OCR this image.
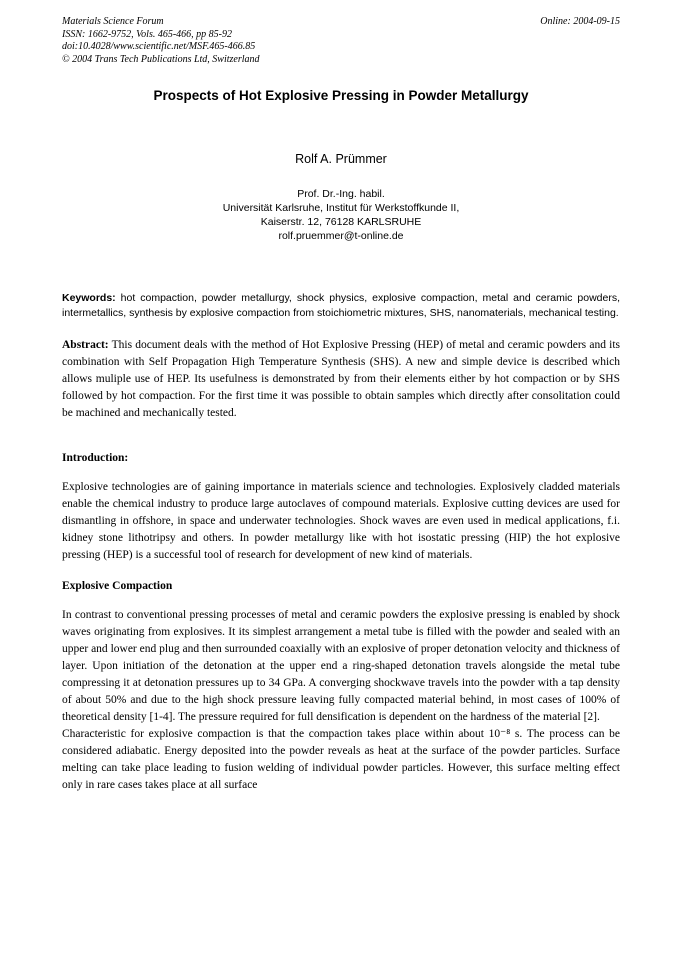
Materials Science Forum
ISSN: 1662-9752, Vols. 465-466, pp 85-92
doi:10.4028/www.scientific.net/MSF.465-466.85
© 2004 Trans Tech Publications Ltd, Switzerland
Online: 2004-09-15
Prospects of Hot Explosive Pressing in Powder Metallurgy
Rolf A. Prümmer
Prof. Dr.-Ing. habil.
Universität Karlsruhe, Institut für Werkstoffkunde II,
Kaiserstr. 12, 76128 KARLSRUHE
rolf.pruemmer@t-online.de

Keywords: hot compaction, powder metallurgy, shock physics, explosive compaction, metal and ceramic powders, intermetallics, synthesis by explosive compaction from stoichiometric mixtures, SHS, nanomaterials, mechanical testing.

Abstract: This document deals with the method of Hot Explosive Pressing (HEP) of metal and ceramic powders and its combination with Self Propagation High Temperature Synthesis (SHS). A new and simple device is described which allows muliple use of HEP. Its usefulness is demonstrated by from their elements either by hot compaction or by SHS followed by hot compaction. For the first time it was possible to obtain samples which directly after consolitation could be machined and mechanically tested.

Introduction:

Explosive technologies are of gaining importance in materials science and technologies. Explosively cladded materials enable the chemical industry to produce large autoclaves of compound materials. Explosive cutting devices are used for dismantling in offshore, in space and underwater technologies. Shock waves are even used in medical applications, f.i. kidney stone lithotripsy and others. In powder metallurgy like with hot isostatic pressing (HIP) the hot explosive pressing (HEP) is a successful tool of research for development of new kind of materials.

Explosive Compaction

In contrast to conventional pressing processes of metal and ceramic powders the explosive pressing is enabled by shock waves originating from explosives. It its simplest arrangement a metal tube is filled with the powder and sealed with an upper and lower end plug and then surrounded coaxially with an explosive of proper detonation velocity and thickness of layer. Upon initiation of the detonation at the upper end a ring-shaped detonation travels alongside the metal tube compressing it at detonation pressures up to 34 GPa. A converging shockwave travels into the powder with a tap density of about 50% and due to the high shock pressure leaving fully compacted material behind, in most cases of 100% of theoretical density [1-4]. The pressure required for full densification is dependent on the hardness of the material [2].

Characteristic for explosive compaction is that the compaction takes place within about 10⁻⁸ s. The process can be considered adiabatic. Energy deposited into the powder reveals as heat at the surface of the powder particles. Surface melting can take place leading to fusion welding of individual powder particles. However, this surface melting effect only in rare cases takes place at all surface
